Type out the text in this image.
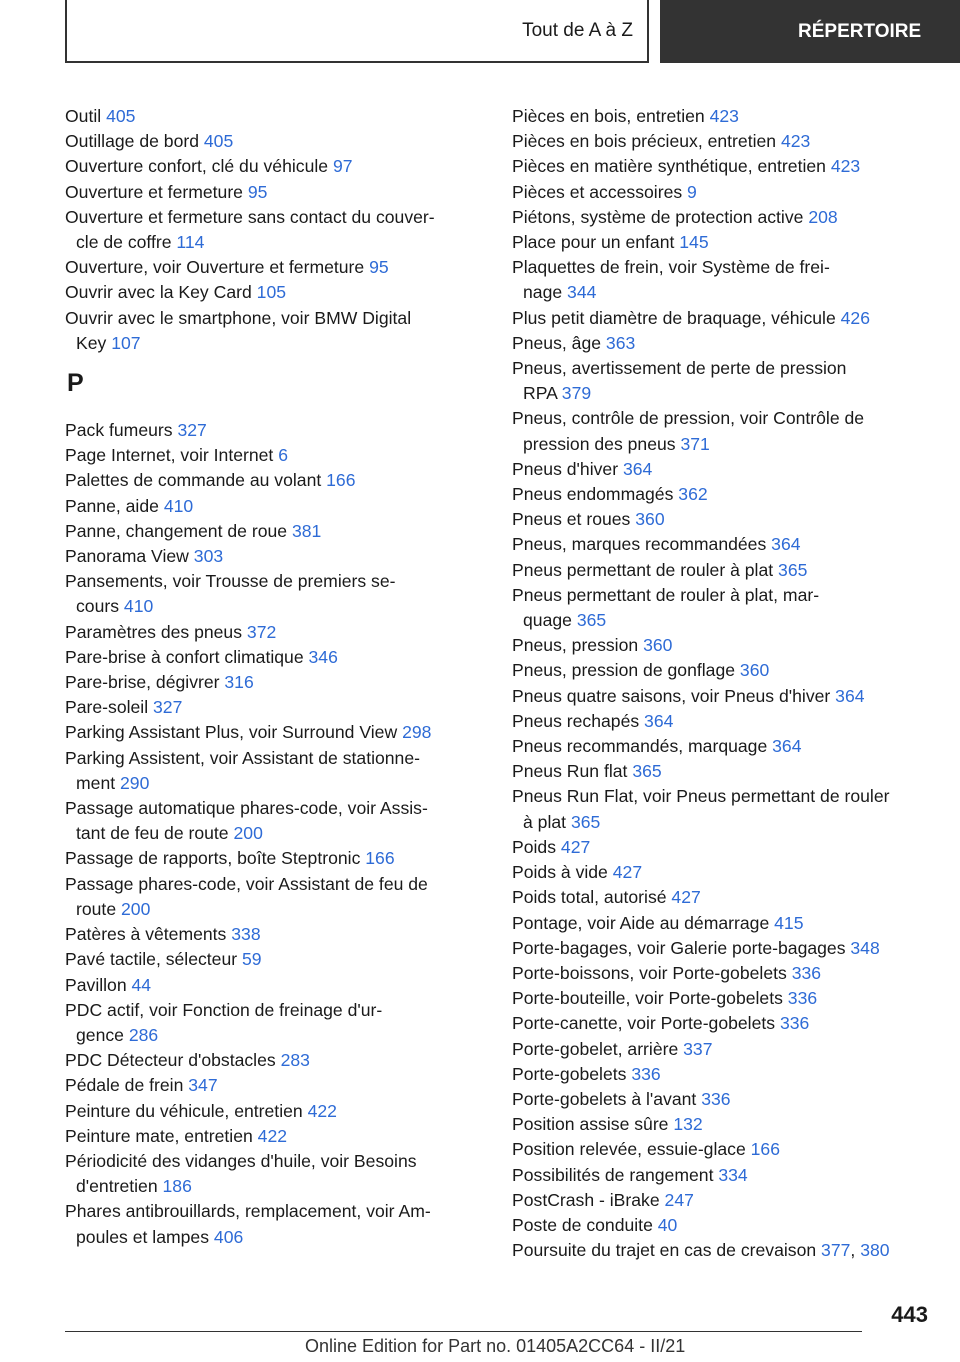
Tout de A à Z	RÉPERTOIRE
Outil 405
Outillage de bord 405
Ouverture confort, clé du véhicule 97
Ouverture et fermeture 95
Ouverture et fermeture sans contact du couver-
cle de coffre 114
Ouverture, voir Ouverture et fermeture 95
Ouvrir avec la Key Card 105
Ouvrir avec le smartphone, voir BMW Digital
Key 107
P
Pack fumeurs 327
Page Internet, voir Internet 6
Palettes de commande au volant 166
Panne, aide 410
Panne, changement de roue 381
Panorama View 303
Pansements, voir Trousse de premiers se-
cours 410
Paramètres des pneus 372
Pare-brise à confort climatique 346
Pare-brise, dégivrer 316
Pare-soleil 327
Parking Assistant Plus, voir Surround View 298
Parking Assistent, voir Assistant de stationne-
ment 290
Passage automatique phares-code, voir Assis-
tant de feu de route 200
Passage de rapports, boîte Steptronic 166
Passage phares-code, voir Assistant de feu de
route 200
Patères à vêtements 338
Pavé tactile, sélecteur 59
Pavillon 44
PDC actif, voir Fonction de freinage d'ur-
gence 286
PDC Détecteur d'obstacles 283
Pédale de frein 347
Peinture du véhicule, entretien 422
Peinture mate, entretien 422
Périodicité des vidanges d'huile, voir Besoins
d'entretien 186
Phares antibrouillards, remplacement, voir Am-
poules et lampes 406
Pièces en bois, entretien 423
Pièces en bois précieux, entretien 423
Pièces en matière synthétique, entretien 423
Pièces et accessoires 9
Piétons, système de protection active 208
Place pour un enfant 145
Plaquettes de frein, voir Système de frei-
nage 344
Plus petit diamètre de braquage, véhicule 426
Pneus, âge 363
Pneus, avertissement de perte de pression
RPA 379
Pneus, contrôle de pression, voir Contrôle de
pression des pneus 371
Pneus d'hiver 364
Pneus endommagés 362
Pneus et roues 360
Pneus, marques recommandées 364
Pneus permettant de rouler à plat 365
Pneus permettant de rouler à plat, mar-
quage 365
Pneus, pression 360
Pneus, pression de gonflage 360
Pneus quatre saisons, voir Pneus d'hiver 364
Pneus rechapés 364
Pneus recommandés, marquage 364
Pneus Run flat 365
Pneus Run Flat, voir Pneus permettant de rouler
à plat 365
Poids 427
Poids à vide 427
Poids total, autorisé 427
Pontage, voir Aide au démarrage 415
Porte-bagages, voir Galerie porte-bagages 348
Porte-boissons, voir Porte-gobelets 336
Porte-bouteille, voir Porte-gobelets 336
Porte-canette, voir Porte-gobelets 336
Porte-gobelet, arrière 337
Porte-gobelets 336
Porte-gobelets à l'avant 336
Position assise sûre 132
Position relevée, essuie-glace 166
Possibilités de rangement 334
PostCrash - iBrake 247
Poste de conduite 40
Poursuite du trajet en cas de crevaison 377, 380
443
Online Edition for Part no. 01405A2CC64 - II/21
